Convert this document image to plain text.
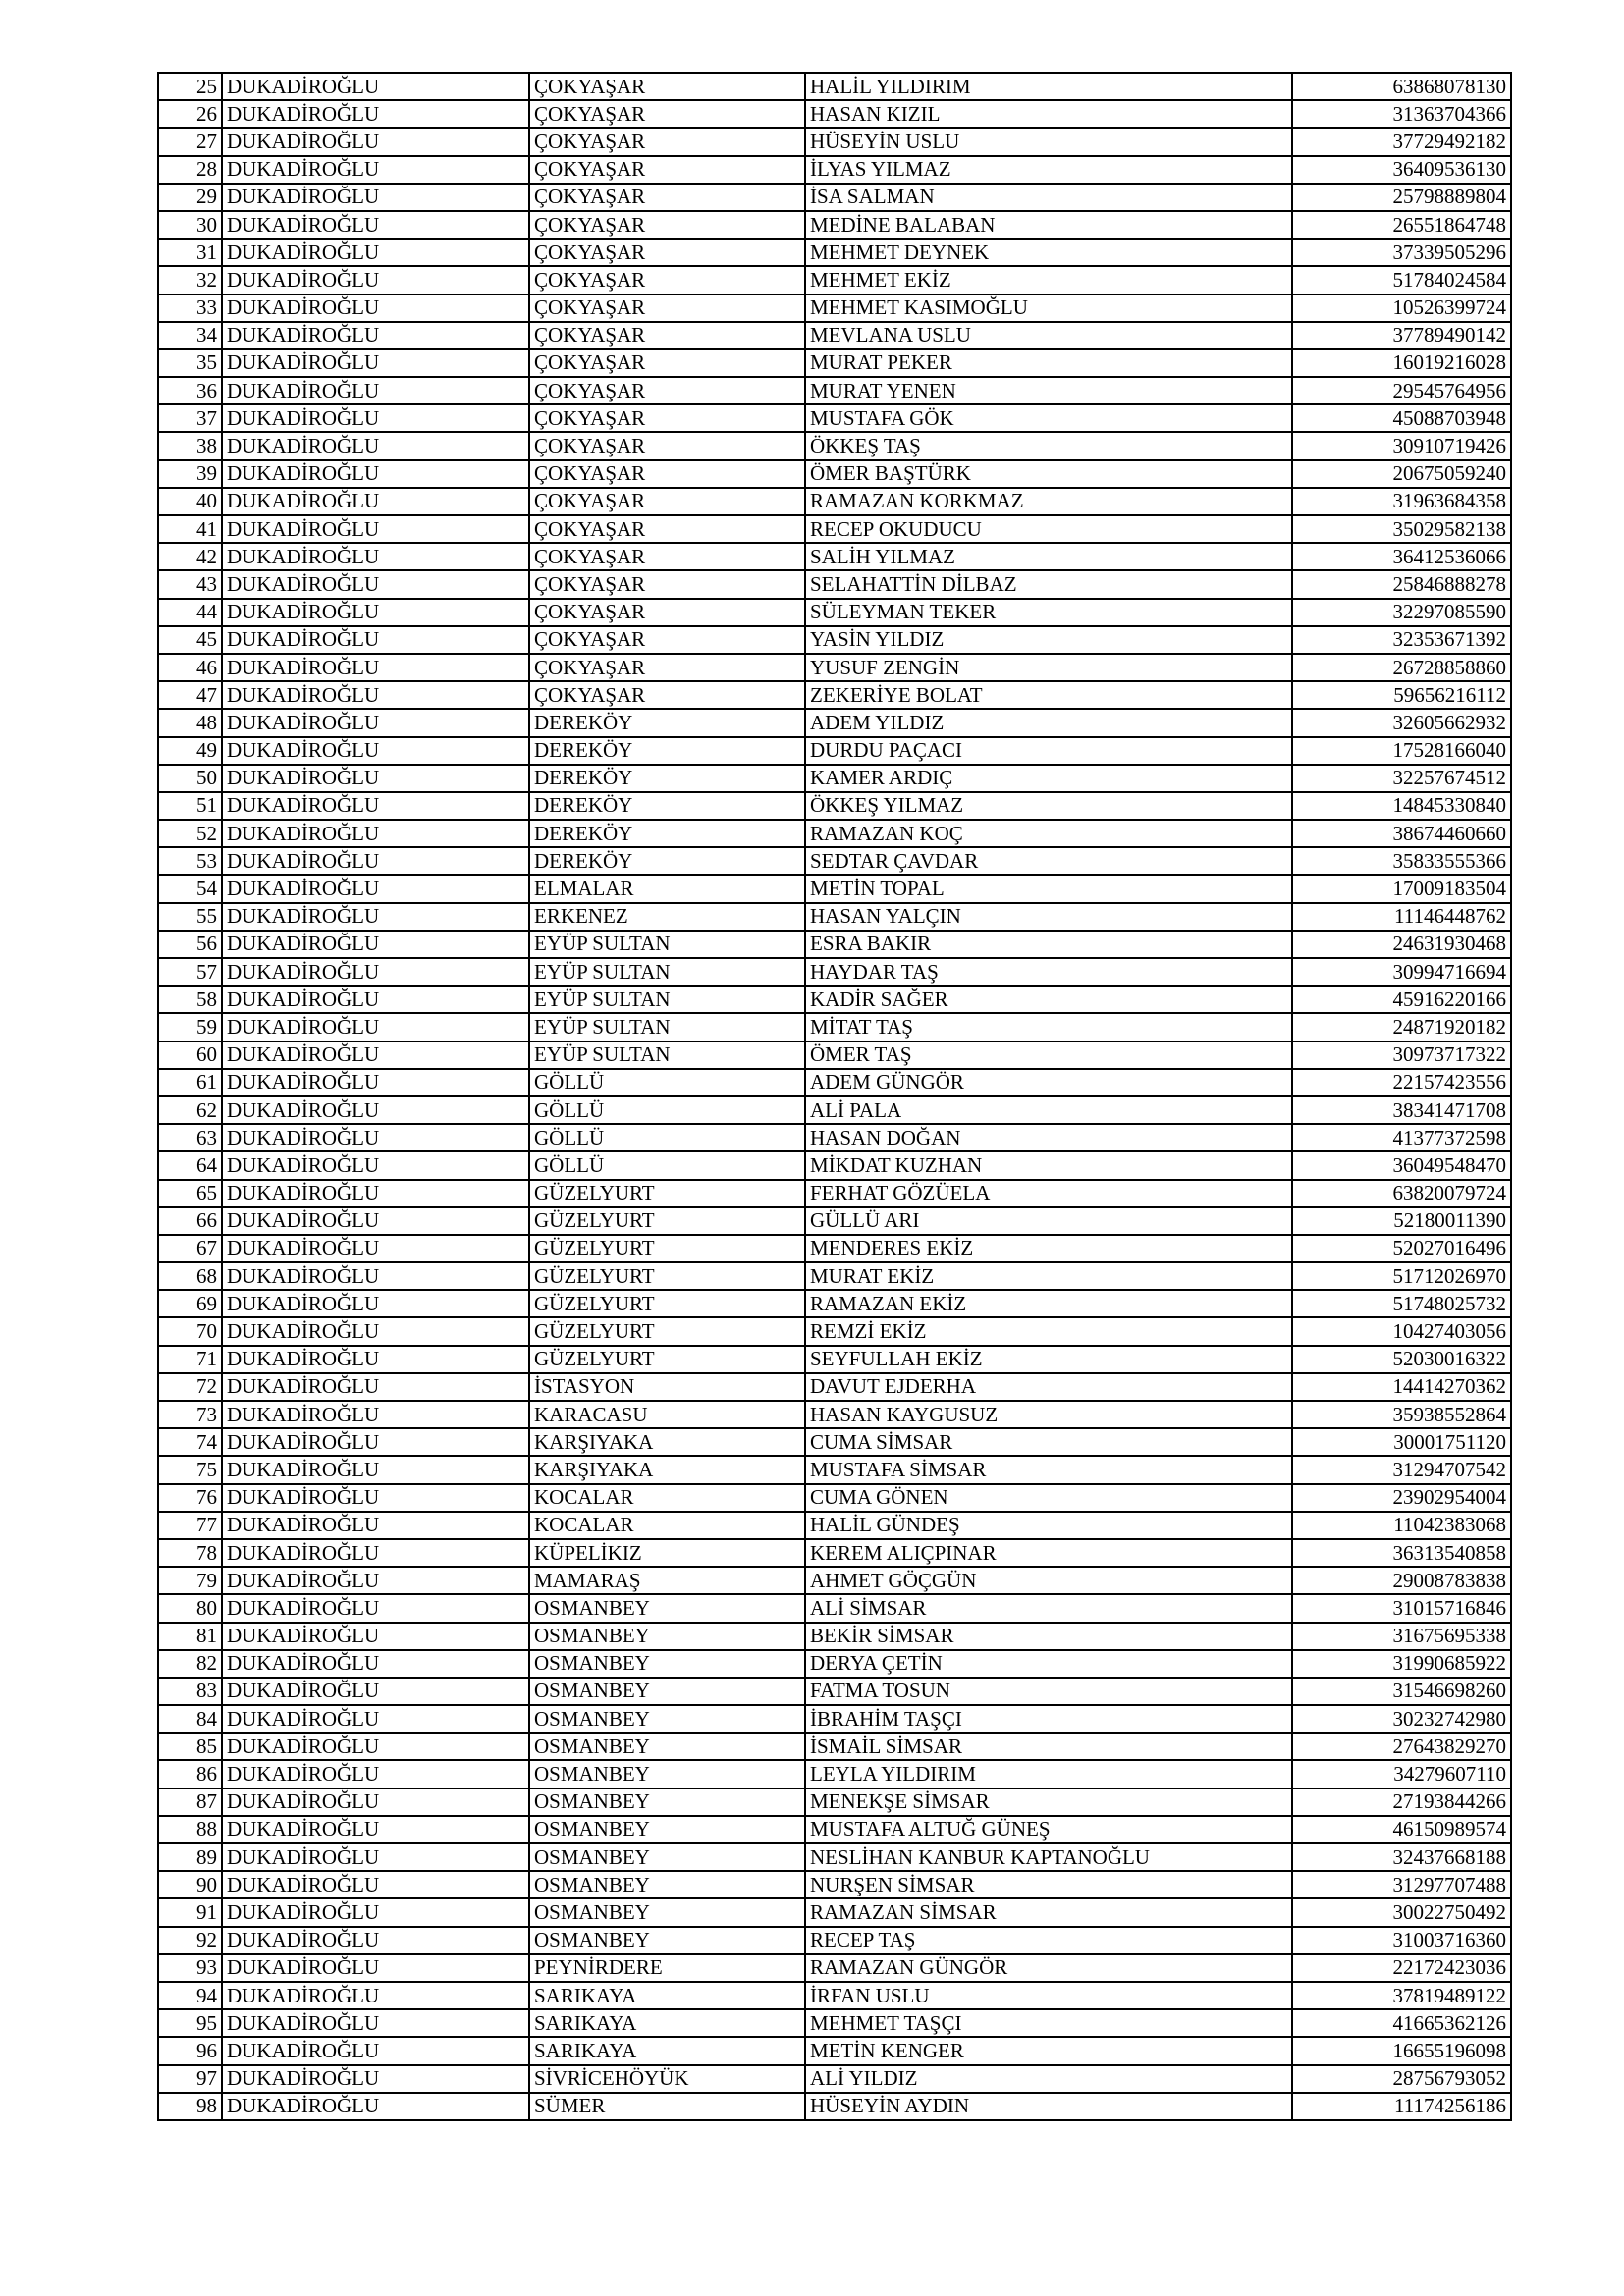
25	DUKADİROĞLU	ÇOKYAŞAR	HALİL YILDIRIM	63868078130
26	DUKADİROĞLU	ÇOKYAŞAR	HASAN KIZIL	31363704366
27	DUKADİROĞLU	ÇOKYAŞAR	HÜSEYİN USLU	37729492182
28	DUKADİROĞLU	ÇOKYAŞAR	İLYAS YILMAZ	36409536130
29	DUKADİROĞLU	ÇOKYAŞAR	İSA SALMAN	25798889804
30	DUKADİROĞLU	ÇOKYAŞAR	MEDİNE BALABAN	26551864748
31	DUKADİROĞLU	ÇOKYAŞAR	MEHMET DEYNEK	37339505296
32	DUKADİROĞLU	ÇOKYAŞAR	MEHMET EKİZ	51784024584
33	DUKADİROĞLU	ÇOKYAŞAR	MEHMET KASIMOĞLU	10526399724
34	DUKADİROĞLU	ÇOKYAŞAR	MEVLANA USLU	37789490142
35	DUKADİROĞLU	ÇOKYAŞAR	MURAT PEKER	16019216028
36	DUKADİROĞLU	ÇOKYAŞAR	MURAT YENEN	29545764956
37	DUKADİROĞLU	ÇOKYAŞAR	MUSTAFA GÖK	45088703948
38	DUKADİROĞLU	ÇOKYAŞAR	ÖKKEŞ TAŞ	30910719426
39	DUKADİROĞLU	ÇOKYAŞAR	ÖMER BAŞTÜRK	20675059240
40	DUKADİROĞLU	ÇOKYAŞAR	RAMAZAN KORKMAZ	31963684358
41	DUKADİROĞLU	ÇOKYAŞAR	RECEP OKUDUCU	35029582138
42	DUKADİROĞLU	ÇOKYAŞAR	SALİH YILMAZ	36412536066
43	DUKADİROĞLU	ÇOKYAŞAR	SELAHATTİN DİLBAZ	25846888278
44	DUKADİROĞLU	ÇOKYAŞAR	SÜLEYMAN TEKER	32297085590
45	DUKADİROĞLU	ÇOKYAŞAR	YASİN YILDIZ	32353671392
46	DUKADİROĞLU	ÇOKYAŞAR	YUSUF ZENGİN	26728858860
47	DUKADİROĞLU	ÇOKYAŞAR	ZEKERİYE BOLAT	59656216112
48	DUKADİROĞLU	DEREKÖY	ADEM YILDIZ	32605662932
49	DUKADİROĞLU	DEREKÖY	DURDU PAÇACI	17528166040
50	DUKADİROĞLU	DEREKÖY	KAMER ARDIÇ	32257674512
51	DUKADİROĞLU	DEREKÖY	ÖKKEŞ YILMAZ	14845330840
52	DUKADİROĞLU	DEREKÖY	RAMAZAN KOÇ	38674460660
53	DUKADİROĞLU	DEREKÖY	SEDTAR ÇAVDAR	35833555366
54	DUKADİROĞLU	ELMALAR	METİN TOPAL	17009183504
55	DUKADİROĞLU	ERKENEZ	HASAN YALÇIN	11146448762
56	DUKADİROĞLU	EYÜP SULTAN	ESRA BAKIR	24631930468
57	DUKADİROĞLU	EYÜP SULTAN	HAYDAR TAŞ	30994716694
58	DUKADİROĞLU	EYÜP SULTAN	KADİR SAĞER	45916220166
59	DUKADİROĞLU	EYÜP SULTAN	MİTAT TAŞ	24871920182
60	DUKADİROĞLU	EYÜP SULTAN	ÖMER TAŞ	30973717322
61	DUKADİROĞLU	GÖLLÜ	ADEM GÜNGÖR	22157423556
62	DUKADİROĞLU	GÖLLÜ	ALİ PALA	38341471708
63	DUKADİROĞLU	GÖLLÜ	HASAN DOĞAN	41377372598
64	DUKADİROĞLU	GÖLLÜ	MİKDAT KUZHAN	36049548470
65	DUKADİROĞLU	GÜZELYURT	FERHAT GÖZÜELA	63820079724
66	DUKADİROĞLU	GÜZELYURT	GÜLLÜ ARI	52180011390
67	DUKADİROĞLU	GÜZELYURT	MENDERES EKİZ	52027016496
68	DUKADİROĞLU	GÜZELYURT	MURAT EKİZ	51712026970
69	DUKADİROĞLU	GÜZELYURT	RAMAZAN EKİZ	51748025732
70	DUKADİROĞLU	GÜZELYURT	REMZİ EKİZ	10427403056
71	DUKADİROĞLU	GÜZELYURT	SEYFULLAH EKİZ	52030016322
72	DUKADİROĞLU	İSTASYON	DAVUT EJDERHA	14414270362
73	DUKADİROĞLU	KARACASU	HASAN KAYGUSUZ	35938552864
74	DUKADİROĞLU	KARŞIYAKA	CUMA SİMSAR	30001751120
75	DUKADİROĞLU	KARŞIYAKA	MUSTAFA SİMSAR	31294707542
76	DUKADİROĞLU	KOCALAR	CUMA GÖNEN	23902954004
77	DUKADİROĞLU	KOCALAR	HALİL GÜNDEŞ	11042383068
78	DUKADİROĞLU	KÜPELİKIZ	KEREM ALIÇPINAR	36313540858
79	DUKADİROĞLU	MAMARAŞ	AHMET GÖÇGÜN	29008783838
80	DUKADİROĞLU	OSMANBEY	ALİ SİMSAR	31015716846
81	DUKADİROĞLU	OSMANBEY	BEKİR SİMSAR	31675695338
82	DUKADİROĞLU	OSMANBEY	DERYA ÇETİN	31990685922
83	DUKADİROĞLU	OSMANBEY	FATMA TOSUN	31546698260
84	DUKADİROĞLU	OSMANBEY	İBRAHİM TAŞÇI	30232742980
85	DUKADİROĞLU	OSMANBEY	İSMAİL SİMSAR	27643829270
86	DUKADİROĞLU	OSMANBEY	LEYLA YILDIRIM	34279607110
87	DUKADİROĞLU	OSMANBEY	MENEKŞE SİMSAR	27193844266
88	DUKADİROĞLU	OSMANBEY	MUSTAFA ALTUĞ GÜNEŞ	46150989574
89	DUKADİROĞLU	OSMANBEY	NESLİHAN KANBUR KAPTANOĞLU	32437668188
90	DUKADİROĞLU	OSMANBEY	NURŞEN SİMSAR	31297707488
91	DUKADİROĞLU	OSMANBEY	RAMAZAN SİMSAR	30022750492
92	DUKADİROĞLU	OSMANBEY	RECEP TAŞ	31003716360
93	DUKADİROĞLU	PEYNİRDERE	RAMAZAN GÜNGÖR	22172423036
94	DUKADİROĞLU	SARIKAYA	İRFAN USLU	37819489122
95	DUKADİROĞLU	SARIKAYA	MEHMET TAŞÇI	41665362126
96	DUKADİROĞLU	SARIKAYA	METİN KENGER	16655196098
97	DUKADİROĞLU	SİVRİCEHÖYÜK	ALİ YILDIZ	28756793052
98	DUKADİROĞLU	SÜMER	HÜSEYİN AYDIN	11174256186
